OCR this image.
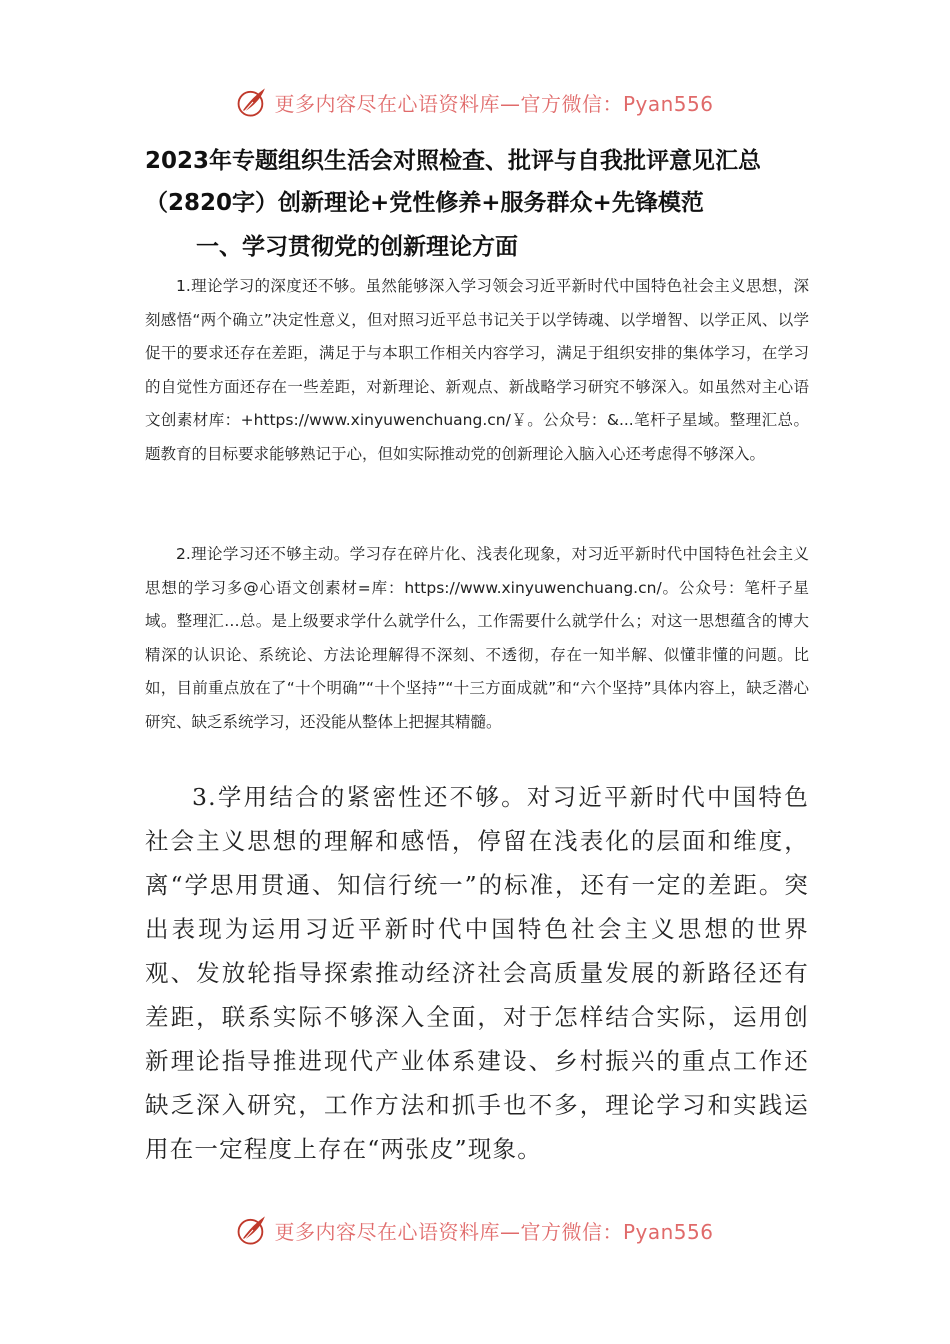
更多内容尽在心语资料库—官方微信：Pyan556
2023年专题组织生活会对照检查、批评与自我批评意见汇总（2820字）创新理论+党性修养+服务群众+先锋模范
一、学习贯彻党的创新理论方面

1.理论学习的深度还不够。虽然能够深入学习领会习近平新时代中国特色社会主义思想，深刻感悟“两个确立”决定性意义，但对照习近平总书记关于以学铸魂、以学增智、以学正风、以学促干的要求还存在差距，满足于与本职工作相关内容学习，满足于组织安排的集体学习，在学习的自觉性方面还存在一些差距，对新理论、新观点、新战略学习研究不够深入。如虽然对主心语文创素材库：+https://www.xinyuwenchuang.cn/￥。公众号：&...笔杆子星域。整理汇总。题教育的目标要求能够熟记于心，但如实际推动党的创新理论入脑入心还考虑得不够深入。

2.理论学习还不够主动。学习存在碎片化、浅表化现象，对习近平新时代中国特色社会主义思想的学习多@心语文创素材=库：https://www.xinyuwenchuang.cn/。公众号：笔杆子星域。整理汇…总。是上级要求学什么就学什么，工作需要什么就学什么；对这一思想蕴含的博大精深的认识论、系统论、方法论理解得不深刻、不透彻，存在一知半解、似懂非懂的问题。比如，目前重点放在了“十个明确”“十个坚持”“十三方面成就”和“六个坚持”具体内容上，缺乏潜心研究、缺乏系统学习，还没能从整体上把握其精髓。

3.学用结合的紧密性还不够。对习近平新时代中国特色社会主义思想的理解和感悟，停留在浅表化的层面和维度，离“学思用贯通、知信行统一”的标准，还有一定的差距。突出表现为运用习近平新时代中国特色社会主义思想的世界观、发放轮指导探索推动经济社会高质量发展的新路径还有差距，联系实际不够深入全面，对于怎样结合实际，运用创新理论指导推进现代产业体系建设、乡村振兴的重点工作还缺乏深入研究，工作方法和抓手也不多，理论学习和实践运用在一定程度上存在“两张皮”现象。

更多内容尽在心语资料库—官方微信：Pyan556
